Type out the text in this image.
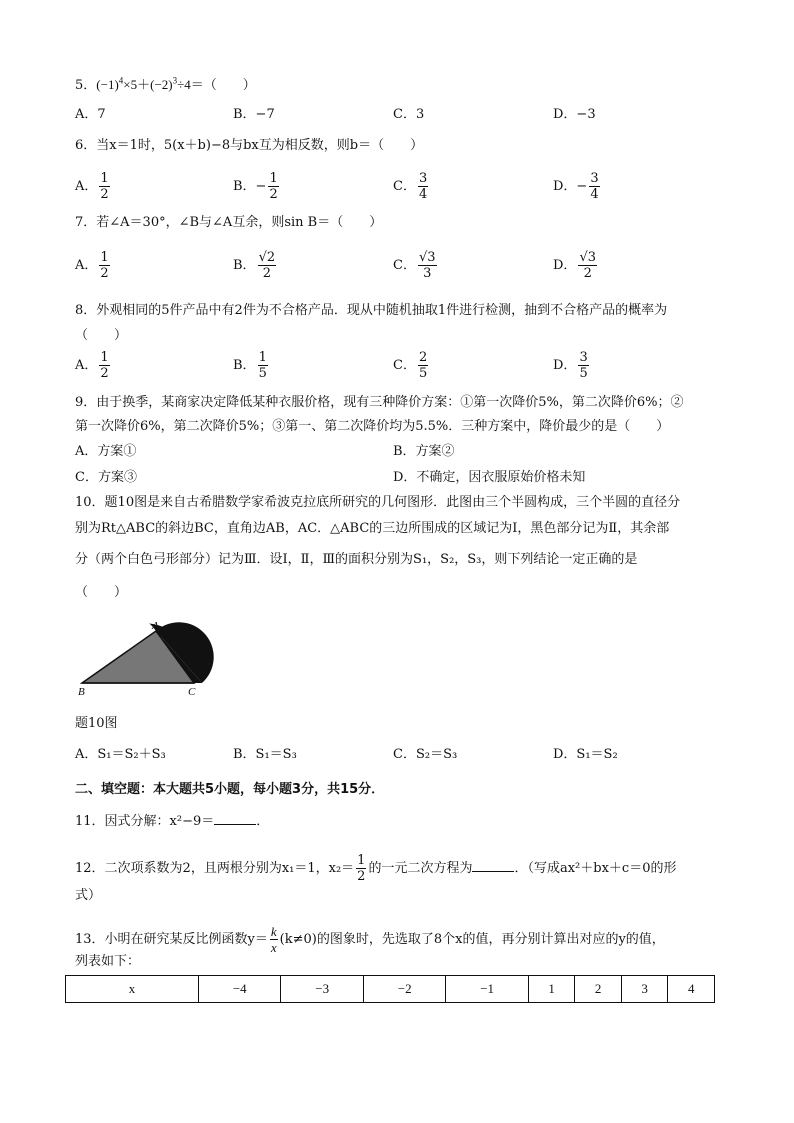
5．$(-1)^4\times 5+(-2)^3\div 4=$（　　）
A．7	B．−7	C．3	D．−3
6．当x＝1时，5(x＋b)−8与bx互为相反数，则b＝（　　）
A． $\frac{1}{2}$	B．− $\frac{1}{2}$	C． $\frac{3}{4}$	D．− $\frac{3}{4}$
7．若∠A＝30°，∠B与∠A互余，则sin B＝（　　）
A． $\frac{1}{2}$	B． $\frac{√2}{2}$	C． $\frac{√3}{3}$	D． $\frac{√3}{2}$
8．外观相同的5件产品中有2件为不合格产品．现从中随机抽取1件进行检测，抽到不合格产品的概率为
（　　）
A． $\frac{1}{2}$	B． $\frac{1}{5}$	C． $\frac{2}{5}$	D． $\frac{3}{5}$
9．由于换季，某商家决定降低某种衣服价格，现有三种降价方案：①第一次降价5%，第二次降价6%；②
第一次降价6%，第二次降价5%；③第一、第二次降价均为5.5%．三种方案中，降价最少的是（　　）
A．方案①	B．方案②
C．方案③	D．不确定，因衣服原始价格未知
10．题10图是来自古希腊数学家希波克拉底所研究的几何图形．此图由三个半圆构成，三个半圆的直径分
别为Rt△ABC的斜边BC，直角边AB，AC．△ABC的三边所围成的区域记为Ⅰ，黑色部分记为Ⅱ，其余部
分（两个白色弓形部分）记为Ⅲ．设Ⅰ，Ⅱ，Ⅲ的面积分别为S₁，S₂，S₃，则下列结论一定正确的是
（　　）
A
B	C
题10图
A．S₁＝S₂＋S₃	B．S₁＝S₃	C．S₂＝S₃	D．S₁＝S₂
二、填空题：本大题共5小题，每小题3分，共15分．
11．因式分解：x²−9＝	．
12．二次项系数为2，且两根分别为x₁＝1，$x_2= \frac{1}{2}$ 的一元二次方程为	．（写成ax²＋bx＋c＝0的形
式）
13．小明在研究某反比例函数$y= \frac{k}{x} (k\ne 0)$的图象时，先选取了8个x的值，再分别计算出对应的y的值，
列表如下：
x	−4	−3	−2	−1	1	2	3	4
